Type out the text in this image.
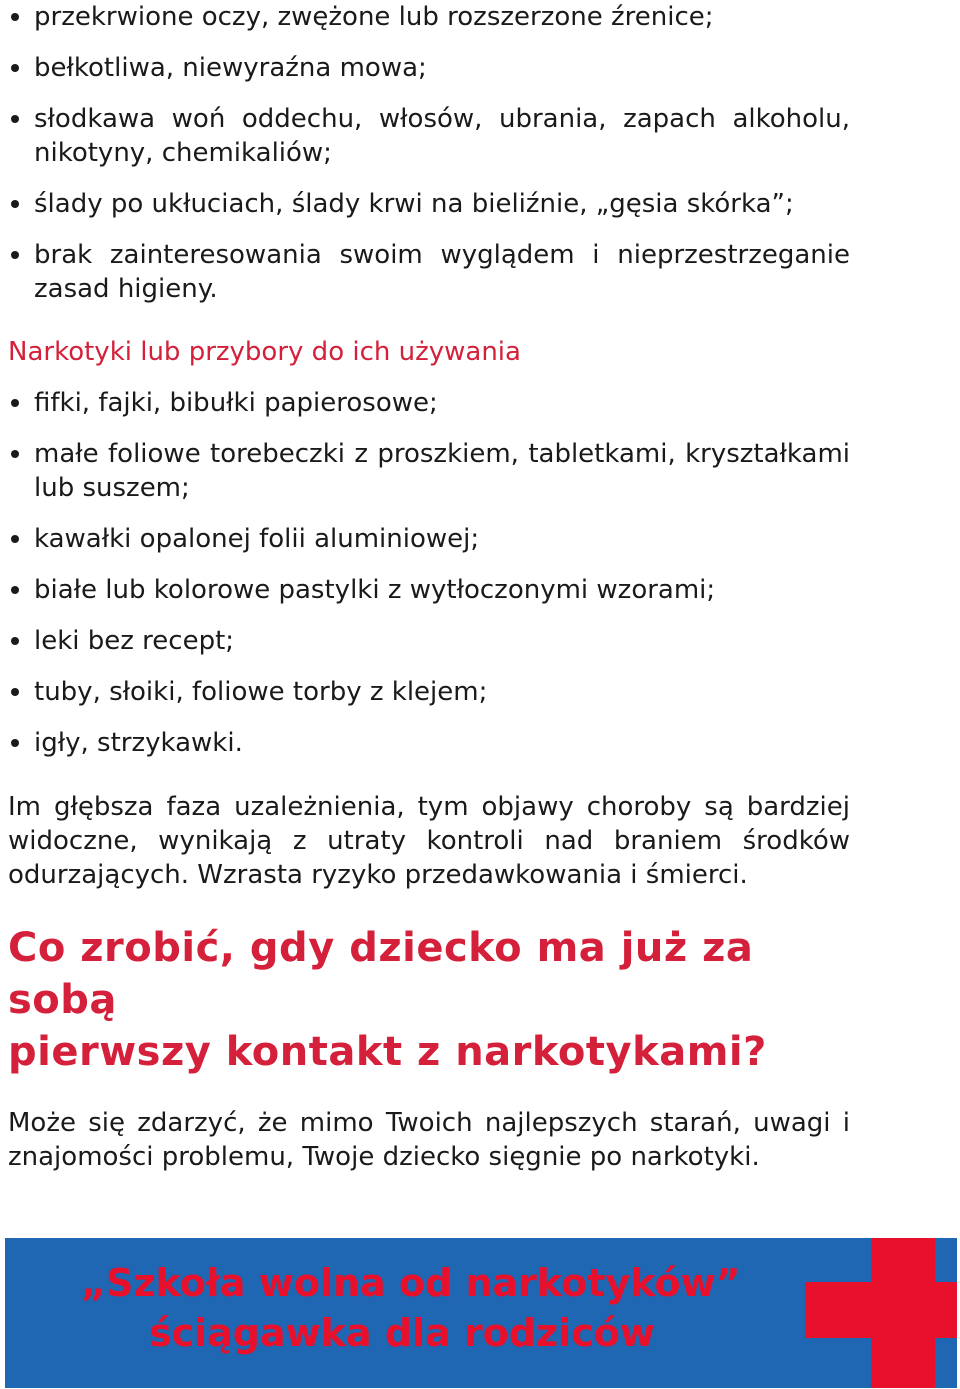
przekrwione oczy, zwężone lub rozszerzone źrenice;
bełkotliwa, niewyraźna mowa;
słodkawa woń oddechu, włosów, ubrania, zapach alkoholu, nikotyny, chemikaliów;
ślady po ukłuciach, ślady krwi na bieliźnie, „gęsia skórka”;
brak zainteresowania swoim wyglądem i nieprzestrzeganie zasad higieny.
Narkotyki lub przybory do ich używania
fifki, fajki, bibułki papierosowe;
małe foliowe torebeczki z proszkiem, tabletkami, kryształkami lub suszem;
kawałki opalonej folii aluminiowej;
białe lub kolorowe pastylki z wytłoczonymi wzorami;
leki bez recept;
tuby, słoiki, foliowe torby z klejem;
igły, strzykawki.

Im głębsza faza uzależnienia, tym objawy choroby są bardziej widoczne, wynikają z utraty kontroli nad braniem środków odurzających. Wzrasta ryzyko przedawkowania i śmierci.

Co zrobić, gdy dziecko ma już za sobą
pierwszy kontakt z narkotykami?

Może się zdarzyć, że mimo Twoich najlepszych starań, uwagi i znajomości problemu, Twoje dziecko sięgnie po narkotyki.

„Szkoła wolna od narkotyków”
ściągawka dla rodziców
